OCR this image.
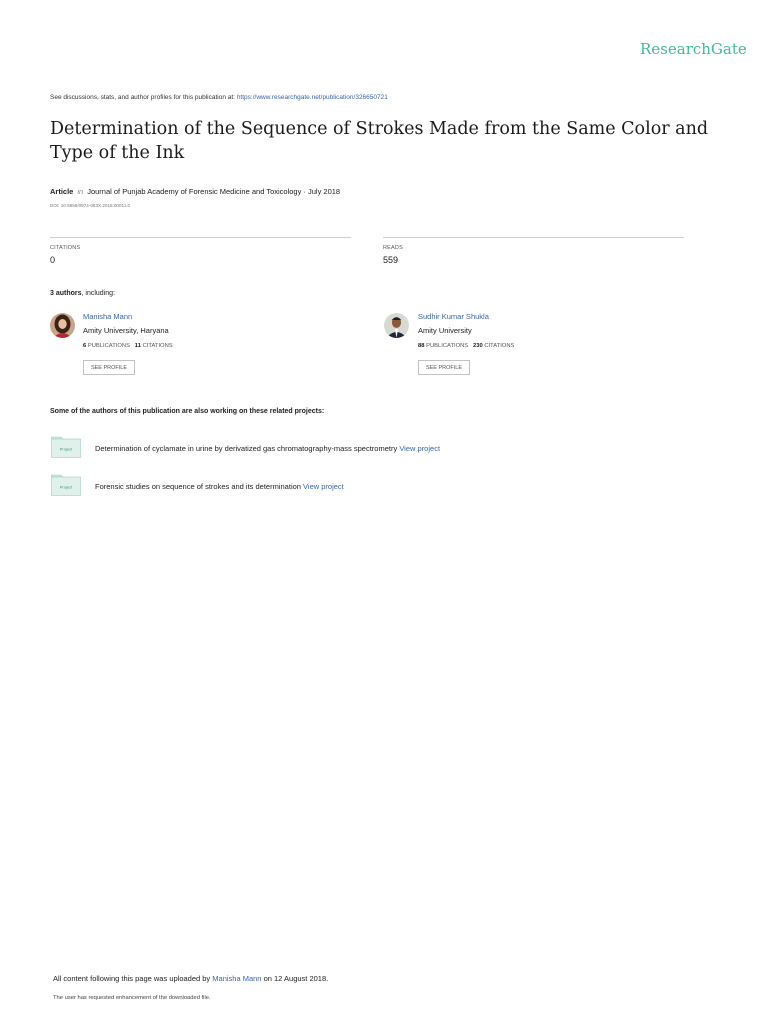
ResearchGate
See discussions, stats, and author profiles for this publication at: https://www.researchgate.net/publication/326650721
Determination of the Sequence of Strokes Made from the Same Color and Type of the Ink
Article in Journal of Punjab Academy of Forensic Medicine and Toxicology · July 2018
DOI: 10.5958/0974-083X.2018.00011.0
CITATIONS
0
READS
559
3 authors, including:
Manisha Mann
Amity University, Haryana
6 PUBLICATIONS 11 CITATIONS
SEE PROFILE
Sudhir Kumar Shukla
Amity University
88 PUBLICATIONS 230 CITATIONS
SEE PROFILE
Some of the authors of this publication are also working on these related projects:
Project	Determination of cyclamate in urine by derivatized gas chromatography-mass spectrometry View project
Project	Forensic studies on sequence of strokes and its determination View project
All content following this page was uploaded by Manisha Mann on 12 August 2018.
The user has requested enhancement of the downloaded file.
